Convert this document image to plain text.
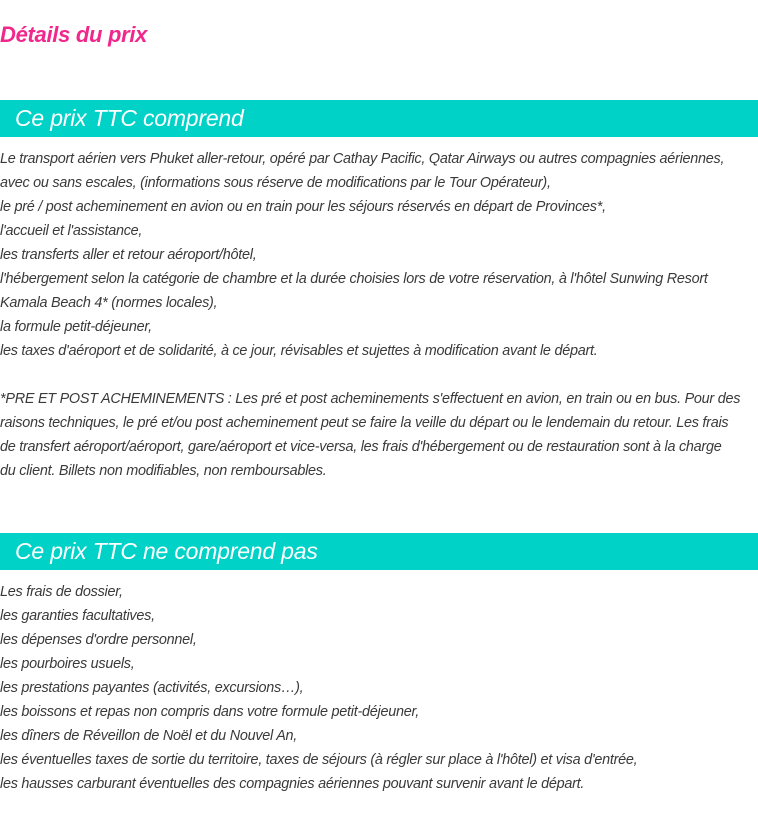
Détails du prix
Ce prix TTC comprend
Le transport aérien vers Phuket aller-retour, opéré par Cathay Pacific, Qatar Airways ou autres compagnies aériennes,
avec ou sans escales, (informations sous réserve de modifications par le Tour Opérateur),
le pré / post acheminement en avion ou en train pour les séjours réservés en départ de Provinces*,
l'accueil et l'assistance,
les transferts aller et retour aéroport/hôtel,
l'hébergement selon la catégorie de chambre et la durée choisies lors de votre réservation, à l'hôtel Sunwing Resort
Kamala Beach 4* (normes locales),
la formule petit-déjeuner,
les taxes d'aéroport et de solidarité, à ce jour, révisables et sujettes à modification avant le départ.
*PRE ET POST ACHEMINEMENTS : Les pré et post acheminements s'effectuent en avion, en train ou en bus. Pour des
raisons techniques, le pré et/ou post acheminement peut se faire la veille du départ ou le lendemain du retour. Les frais
de transfert aéroport/aéroport, gare/aéroport et vice-versa, les frais d'hébergement ou de restauration sont à la charge
du client. Billets non modifiables, non remboursables.
Ce prix TTC ne comprend pas
Les frais de dossier,
les garanties facultatives,
les dépenses d'ordre personnel,
les pourboires usuels,
les prestations payantes (activités, excursions…),
les boissons et repas non compris dans votre formule petit-déjeuner,
les dîners de Réveillon de Noël et du Nouvel An,
les éventuelles taxes de sortie du territoire, taxes de séjours (à régler sur place à l'hôtel) et visa d'entrée,
les hausses carburant éventuelles des compagnies aériennes pouvant survenir avant le départ.
